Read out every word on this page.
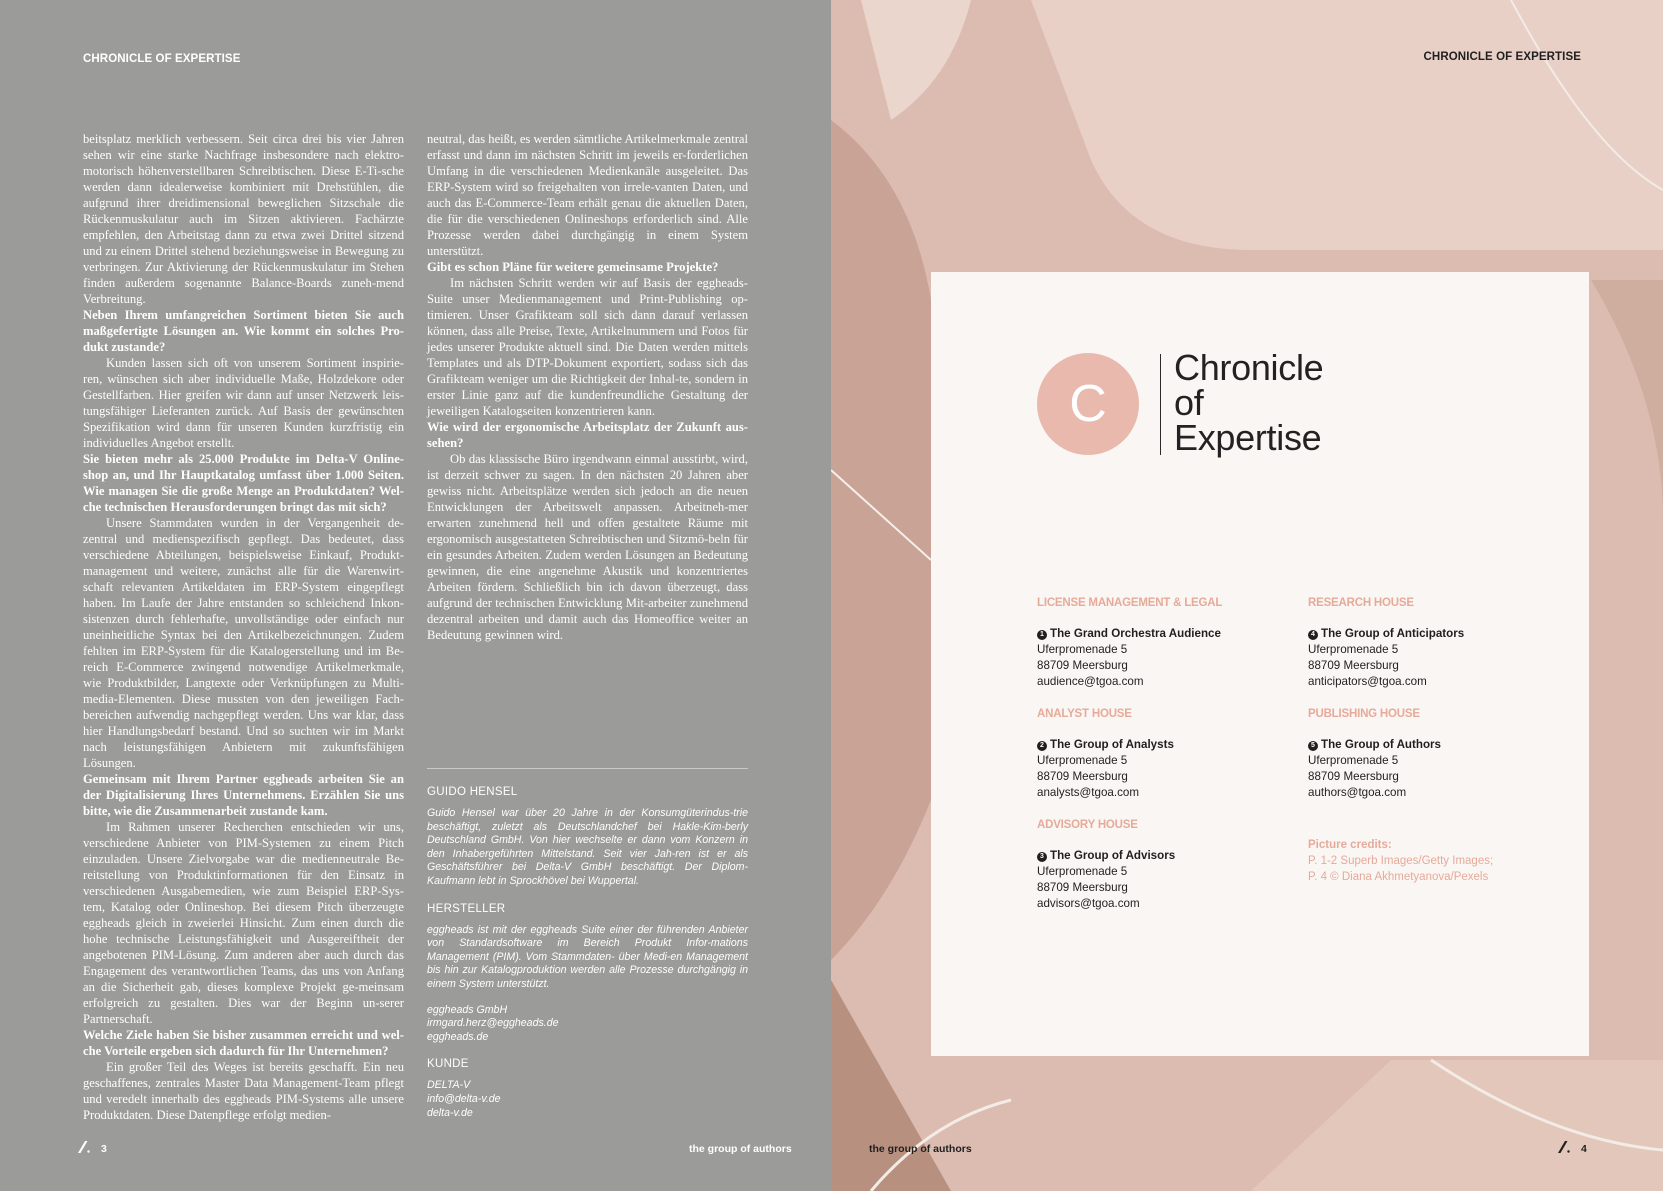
CHRONICLE OF EXPERTISE

beitsplatz merklich verbessern. Seit circa drei bis vier Jahren sehen wir eine starke Nachfrage insbesondere nach elektro-motorisch höhenverstellbaren Schreibtischen. Diese E-Ti-sche werden dann idealerweise kombiniert mit Drehstühlen, die aufgrund ihrer dreidimensional beweglichen Sitzschale die Rückenmuskulatur auch im Sitzen aktivieren. Fachärzte empfehlen, den Arbeitstag dann zu etwa zwei Drittel sitzend und zu einem Drittel stehend beziehungsweise in Bewegung zu verbringen. Zur Aktivierung der Rückenmuskulatur im Stehen finden außerdem sogenannte Balance-Boards zuneh-mend Verbreitung.

Neben Ihrem umfangreichen Sortiment bieten Sie auch maßgefertigte Lösungen an. Wie kommt ein solches Pro-dukt zustande?

Kunden lassen sich oft von unserem Sortiment inspirie-ren, wünschen sich aber individuelle Maße, Holzdekore oder Gestellfarben. Hier greifen wir dann auf unser Netzwerk leis-tungsfähiger Lieferanten zurück. Auf Basis der gewünschten Spezifikation wird dann für unseren Kunden kurzfristig ein individuelles Angebot erstellt.

Sie bieten mehr als 25.000 Produkte im Delta-V Online-shop an, und Ihr Hauptkatalog umfasst über 1.000 Seiten. Wie managen Sie die große Menge an Produktdaten? Wel-che technischen Herausforderungen bringt das mit sich?

Unsere Stammdaten wurden in der Vergangenheit de-zentral und medienspezifisch gepflegt. Das bedeutet, dass verschiedene Abteilungen, beispielsweise Einkauf, Produkt-management und weitere, zunächst alle für die Warenwirt-schaft relevanten Artikeldaten im ERP-System eingepflegt haben. Im Laufe der Jahre entstanden so schleichend Inkon-sistenzen durch fehlerhafte, unvollständige oder einfach nur uneinheitliche Syntax bei den Artikelbezeichnungen. Zudem fehlten im ERP-System für die Katalogerstellung und im Be-reich E-Commerce zwingend notwendige Artikelmerkmale, wie Produktbilder, Langtexte oder Verknüpfungen zu Multi-media-Elementen. Diese mussten von den jeweiligen Fach-bereichen aufwendig nachgepflegt werden. Uns war klar, dass hier Handlungsbedarf bestand. Und so suchten wir im Markt nach leistungsfähigen Anbietern mit zukunftsfähigen Lösungen.

Gemeinsam mit Ihrem Partner eggheads arbeiten Sie an der Digitalisierung Ihres Unternehmens. Erzählen Sie uns bitte, wie die Zusammenarbeit zustande kam.

Im Rahmen unserer Recherchen entschieden wir uns, verschiedene Anbieter von PIM-Systemen zu einem Pitch einzuladen. Unsere Zielvorgabe war die medienneutrale Be-reitstellung von Produktinformationen für den Einsatz in verschiedenen Ausgabemedien, wie zum Beispiel ERP-Sys-tem, Katalog oder Onlineshop. Bei diesem Pitch überzeugte eggheads gleich in zweierlei Hinsicht. Zum einen durch die hohe technische Leistungsfähigkeit und Ausgereiftheit der angebotenen PIM-Lösung. Zum anderen aber auch durch das Engagement des verantwortlichen Teams, das uns von Anfang an die Sicherheit gab, dieses komplexe Projekt ge-meinsam erfolgreich zu gestalten. Dies war der Beginn un-serer Partnerschaft.

Welche Ziele haben Sie bisher zusammen erreicht und wel-che Vorteile ergeben sich dadurch für Ihr Unternehmen?

Ein großer Teil des Weges ist bereits geschafft. Ein neu geschaffenes, zentrales Master Data Management-Team pflegt und veredelt innerhalb des eggheads PIM-Systems alle unsere Produktdaten. Diese Datenpflege erfolgt medien-

neutral, das heißt, es werden sämtliche Artikelmerkmale zentral erfasst und dann im nächsten Schritt im jeweils er-forderlichen Umfang in die verschiedenen Medienkanäle ausgeleitet. Das ERP-System wird so freigehalten von irrele-vanten Daten, und auch das E-Commerce-Team erhält genau die aktuellen Daten, die für die verschiedenen Onlineshops erforderlich sind. Alle Prozesse werden dabei durchgängig in einem System unterstützt.

Gibt es schon Pläne für weitere gemeinsame Projekte?

Im nächsten Schritt werden wir auf Basis der eggheads-Suite unser Medienmanagement und Print-Publishing op-timieren. Unser Grafikteam soll sich dann darauf verlassen können, dass alle Preise, Texte, Artikelnummern und Fotos für jedes unserer Produkte aktuell sind. Die Daten werden mittels Templates und als DTP-Dokument exportiert, sodass sich das Grafikteam weniger um die Richtigkeit der Inhal-te, sondern in erster Linie ganz auf die kundenfreundliche Gestaltung der jeweiligen Katalogseiten konzentrieren kann.

Wie wird der ergonomische Arbeitsplatz der Zukunft aus-sehen?

Ob das klassische Büro irgendwann einmal ausstirbt, wird, ist derzeit schwer zu sagen. In den nächsten 20 Jahren aber gewiss nicht. Arbeitsplätze werden sich jedoch an die neuen Entwicklungen der Arbeitswelt anpassen. Arbeitneh-mer erwarten zunehmend hell und offen gestaltete Räume mit ergonomisch ausgestatteten Schreibtischen und Sitzmö-beln für ein gesundes Arbeiten. Zudem werden Lösungen an Bedeutung gewinnen, die eine angenehme Akustik und konzentriertes Arbeiten fördern. Schließlich bin ich davon überzeugt, dass aufgrund der technischen Entwicklung Mit-arbeiter zunehmend dezentral arbeiten und damit auch das Homeoffice weiter an Bedeutung gewinnen wird.

GUIDO HENSEL
Guido Hensel war über 20 Jahre in der Konsumgüterindus-trie beschäftigt, zuletzt als Deutschlandchef bei Hakle-Kim-berly Deutschland GmbH. Von hier wechselte er dann vom Konzern in den Inhabergeführten Mittelstand. Seit vier Jah-ren ist er als Geschäftsführer bei Delta-V GmbH beschäftigt. Der Diplom-Kaufmann lebt in Sprockhövel bei Wuppertal.
HERSTELLER
eggheads ist mit der eggheads Suite einer der führenden Anbieter von Standardsoftware im Bereich Produkt Infor-mations Management (PIM). Vom Stammdaten- über Medi-en Management bis hin zur Katalogproduktion werden alle Prozesse durchgängig in einem System unterstützt.
eggheads GmbH
irmgard.herz@eggheads.de
eggheads.de
KUNDE
DELTA-V
info@delta-v.de
delta-v.de
3	the group of authors
CHRONICLE OF EXPERTISE
C
Chronicle
of
Expertise
LICENSE MANAGEMENT & LEGAL
1 The Grand Orchestra Audience
Uferpromenade 5
88709 Meersburg
audience@tgoa.com
ANALYST HOUSE
2 The Group of Analysts
Uferpromenade 5
88709 Meersburg
analysts@tgoa.com
ADVISORY HOUSE
3 The Group of Advisors
Uferpromenade 5
88709 Meersburg
advisors@tgoa.com
RESEARCH HOUSE
4 The Group of Anticipators
Uferpromenade 5
88709 Meersburg
anticipators@tgoa.com
PUBLISHING HOUSE
5 The Group of Authors
Uferpromenade 5
88709 Meersburg
authors@tgoa.com
Picture credits:
P. 1-2 Superb Images/Getty Images;
P. 4 © Diana Akhmetyanova/Pexels
the group of authors	4
